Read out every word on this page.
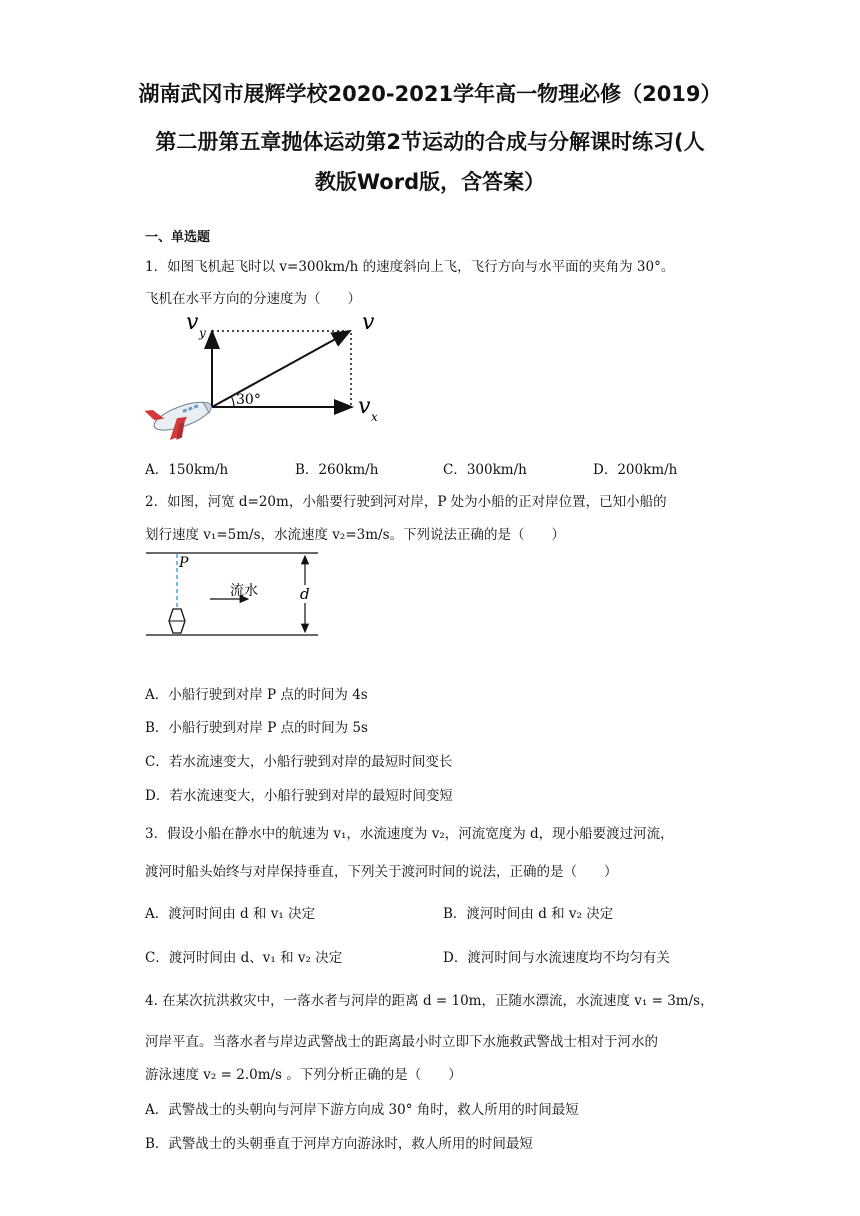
湖南武冈市展辉学校2020-2021学年高一物理必修（2019）
第二册第五章抛体运动第2节运动的合成与分解课时练习(人
教版Word版，含答案）
一、单选题
1．如图飞机起飞时以 v=300km/h 的速度斜向上飞，飞行方向与水平面的夹角为 30°。
飞机在水平方向的分速度为（　　）
v y	v
v x
30°
A．150km/h	B．260km/h	C．300km/h	D．200km/h
2．如图，河宽 d=20m，小船要行驶到河对岸，P 处为小船的正对岸位置，已知小船的
划行速度 v₁=5m/s，水流速度 v₂=3m/s。下列说法正确的是（　　）
P
流水	d
A．小船行驶到对岸 P 点的时间为 4s
B．小船行驶到对岸 P 点的时间为 5s
C．若水流速变大，小船行驶到对岸的最短时间变长
D．若水流速变大，小船行驶到对岸的最短时间变短
3．假设小船在静水中的航速为 v₁，水流速度为 v₂，河流宽度为 d，现小船要渡过河流，
渡河时船头始终与对岸保持垂直，下列关于渡河时间的说法，正确的是（　　）
A．渡河时间由 d 和 v₁ 决定	B．渡河时间由 d 和 v₂ 决定
C．渡河时间由 d、v₁ 和 v₂ 决定	D．渡河时间与水流速度均不均匀有关
4. 在某次抗洪救灾中，一落水者与河岸的距离 d = 10m，正随水漂流，水流速度 v₁ = 3m/s，
河岸平直。当落水者与岸边武警战士的距离最小时立即下水施救武警战士相对于河水的
游泳速度 v₂ = 2.0m/s 。下列分析正确的是（　　）
A．武警战士的头朝向与河岸下游方向成 30° 角时，救人所用的时间最短
B．武警战士的头朝垂直于河岸方向游泳时，救人所用的时间最短
